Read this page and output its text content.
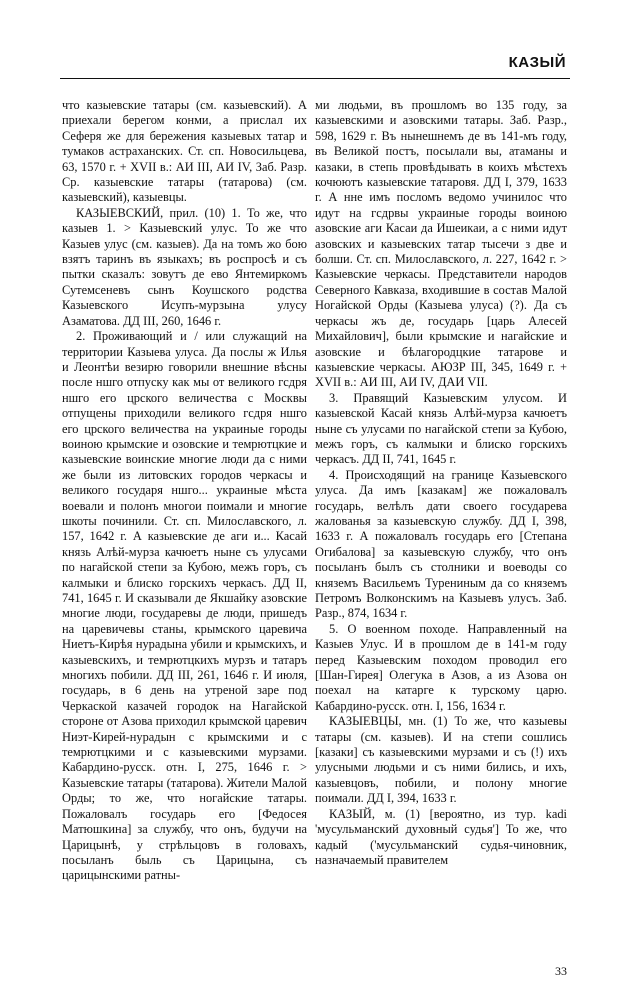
КАЗЫЙ

что казыевские татары (см. казыевский). А приехали берегом конми, а прислал их Сеферя же для бережения казыевых татар и тумаков астраханских. Ст. сп. Новосильцева, 63, 1570 г. + XVII в.: АИ III, АИ IV, Заб. Разр. Ср. казыевские татары (татарова) (см. казыевский), казыевцы.

КАЗЫЕВСКИЙ, прил. (10) 1. То же, что казыев 1. > Казыевский улус. То же что Казыев улус (см. казыев). Да на томъ жо бою взятъ таринъ въ языкахъ; въ роспросѣ и съ пытки сказалъ: зовутъ де ево Янтемиркомъ Сутемсеневъ сынъ Коушского родства Казыевского Исупъ-мурзына улусу Азаматова. ДД III, 260, 1646 г.

2. Проживающий и / или служащий на территории Казыева улуса. Да послы ж Илья и Леонтѣи везирю говорили внешние вѣсны после ншго отпуску как мы от великого гсдря ншго его црского величества с Москвы отпущены приходили великого гсдря ншго его црского величества на украиные городы воиною крымские и озовские и темрютцкие и казыевские воинские многие люди да с ними же были из литовских городов черкасы и великого государя ншго... украиные мѣста воевали и полонъ многои поимали и многие шкоты починили. Ст. сп. Милославского, л. 157, 1642 г. А казыевские де аги и... Касай князь Алѣй-мурза качюетъ ныне съ улусами по нагайской степи за Кубою, межъ горъ, съ калмыки и блиско горскихъ черкасъ. ДД II, 741, 1645 г. И сказывали де Якшайку азовские многие люди, государевы де люди, пришедъ на царевичевы станы, крымского царевича Ниетъ-Кирѣя нурадына убили и крымскихъ, и казыевскихъ, и темрютцкихъ мурзъ и татаръ многихъ побили. ДД III, 261, 1646 г. И июля, государь, в 6 день на утреной заре под Черкаской казачей городок на Нагайской стороне от Азова приходил крымской царевич Ниэт-Кирей-нурадын с крымскими и с темрютцкими и с казыевскими мурзами. Кабардино-русск. отн. I, 275, 1646 г. > Казыевские татары (татарова). Жители Малой Орды; то же, что ногайские татары. Пожаловалъ государь его [Федосея Матюшкина] за службу, что онъ, будучи на Царицынѣ, у стрѣльцовъ в головахъ, посыланъ быль съ Царицына, съ царицынскими ратны-

ми людьми, въ прошломъ во 135 году, за казыевскими и азовскими татары. Заб. Разр., 598, 1629 г. Въ нынешнемъ де въ 141-мъ году, въ Великой постъ, посылали вы, атаманы и казаки, в степь провѣдывать в коихъ мѣстехъ кочюютъ казыевские татаровя. ДД I, 379, 1633 г. А нне имъ посломъ ведомо учинилос что идут на гсдрвы украиные городы воиною азовские аги Касаи да Ишеикаи, а с ними идут азовских и казыевских татар тысечи з две и болши. Ст. сп. Милославского, л. 227, 1642 г. > Казыевские черкасы. Представители народов Северного Кавказа, входившие в состав Малой Ногайской Орды (Казыева улуса) (?). Да съ черкасы жъ де, государь [царь Алесей Михайлович], были крымские и нагайские и азовские и бѣлагородцкие татарове и казыевские черкасы. АЮЗР III, 345, 1649 г. + XVII в.: АИ III, АИ IV, ДАИ VII.

3. Правящий Казыевским улусом. И казыевской Касай князь Алѣй-мурза качюетъ ныне съ улусами по нагайской степи за Кубою, межъ горъ, съ калмыки и блиско горскихъ черкасъ. ДД II, 741, 1645 г.

4. Происходящий на границе Казыевского улуса. Да имъ [казакам] же пожаловалъ государь, велѣлъ дати своего государева жалованья за казыевскую службу. ДД I, 398, 1633 г. А пожаловалъ государь его [Степана Огибалова] за казыевскую службу, что онъ посыланъ былъ съ столники и воеводы со княземъ Васильемъ Турениным да со княземъ Петромъ Волконскимъ на Казыевъ улусъ. Заб. Разр., 874, 1634 г.

5. О военном походе. Направленный на Казыев Улус. И в прошлом де в 141-м году перед Казыевским походом проводил его [Шан-Гирея] Олегука в Азов, а из Азова он поехал на катарге к турскому царю. Кабардино-русск. отн. I, 156, 1634 г.

КАЗЫЕВЦЫ, мн. (1) То же, что казыевы татары (см. казыев). И на степи сошлись [казаки] съ казыевскими мурзами и съ (!) ихъ улусными людьми и съ ними бились, и ихъ, казыевцовъ, побили, и полону многие поимали. ДД I, 394, 1633 г.

КАЗЫЙ, м. (1) [вероятно, из тур. kadi 'мусульманский духовный судья'] То же, что кадый ('мусульманский судья-чиновник, назначаемый правителем

33
